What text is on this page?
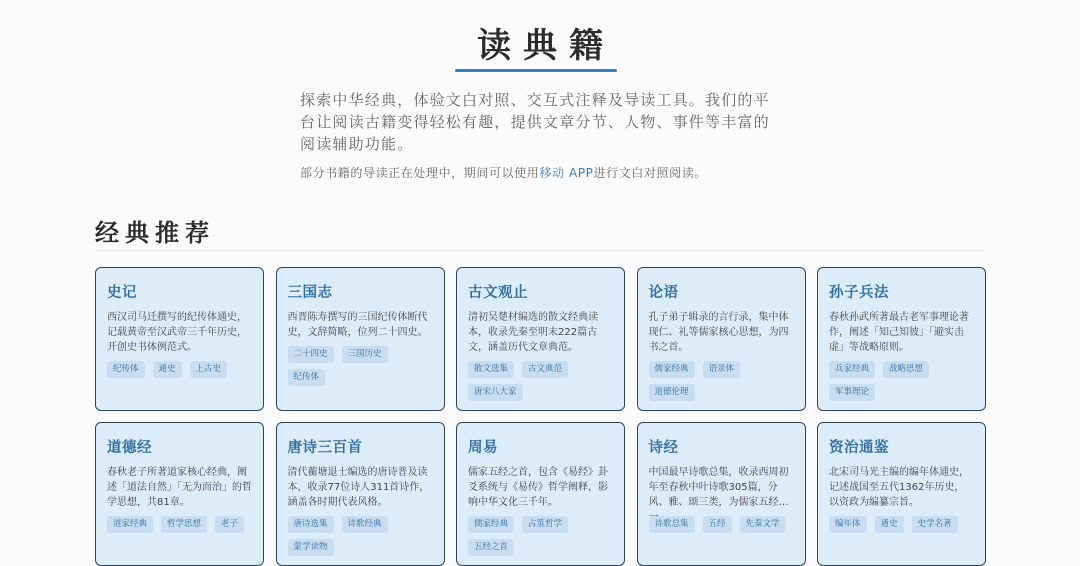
读典籍

探索中华经典，体验文白对照、交互式注释及导读工具。我们的平台让阅读古籍变得轻松有趣，提供文章分节、人物、事件等丰富的阅读辅助功能。

部分书籍的导读正在处理中，期间可以使用移动 APP进行文白对照阅读。

经典推荐
史记
西汉司马迁撰写的纪传体通史，记载黄帝至汉武帝三千年历史，开创史书体例范式。
纪传体	通史	上古史
三国志
西晋陈寿撰写的三国纪传体断代史，文辞简略，位列二十四史。
二十四史	三国历史
纪传体
古文观止
清初吴楚材编选的散文经典读本，收录先秦至明末222篇古文，涵盖历代文章典范。
散文选集	古文典范
唐宋八大家
论语
孔子弟子辑录的言行录，集中体现仁、礼等儒家核心思想，为四书之首。
儒家经典	语录体
道德伦理
孙子兵法
春秋孙武所著最古老军事理论著作，阐述「知己知彼」「避实击虚」等战略原则。
兵家经典	战略思想
军事理论
道德经
春秋老子所著道家核心经典，阐述「道法自然」「无为而治」的哲学思想，共81章。
道家经典	哲学思想	老子
唐诗三百首
清代蘅塘退士编选的唐诗普及读本，收录77位诗人311首诗作，涵盖各时期代表风格。
唐诗选集	诗歌经典
蒙学读物
周易
儒家五经之首，包含《易经》卦爻系统与《易传》哲学阐释，影响中华文化三千年。
儒家经典	占筮哲学
五经之首
诗经
中国最早诗歌总集，收录西周初年至春秋中叶诗歌305篇，分风、雅、颂三类，为儒家五经之
诗歌总集	五经	先秦文学
资治通鉴
北宋司马光主编的编年体通史，记述战国至五代1362年历史，以资政为编纂宗旨。
编年体	通史	史学名著
